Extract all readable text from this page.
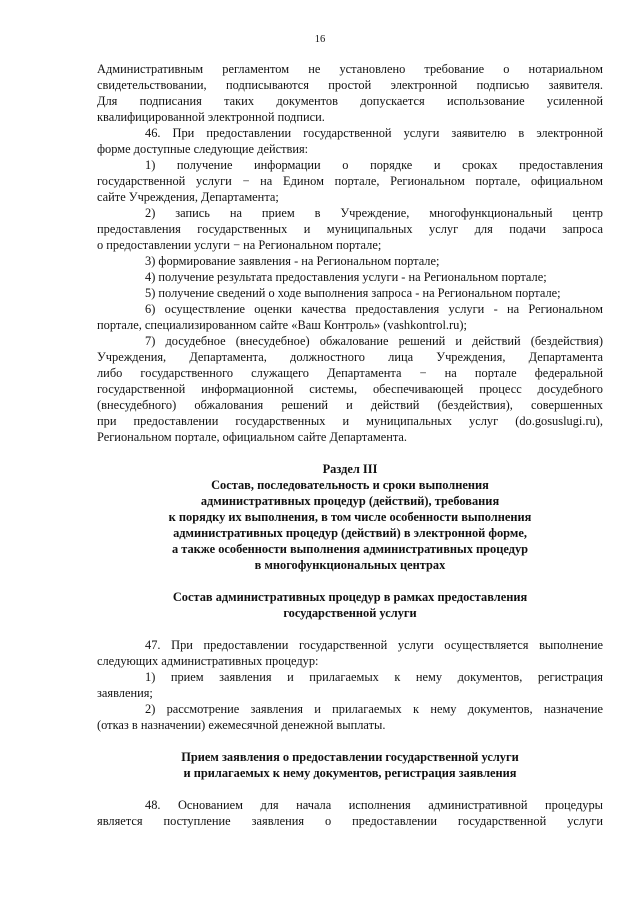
16
Административным регламентом не установлено требование о нотариальном
свидетельствовании, подписываются простой электронной подписью заявителя.
Для подписания таких документов допускается использование усиленной
квалифицированной электронной подписи.
46. При предоставлении государственной услуги заявителю в электронной
форме доступные следующие действия:
1) получение информации о порядке и сроках предоставления
государственной услуги − на Едином портале, Региональном портале, официальном
сайте Учреждения, Департамента;
2) запись на прием в Учреждение, многофункциональный центр
предоставления государственных и муниципальных услуг для подачи запроса
о предоставлении услуги − на Региональном портале;
3) формирование заявления - на Региональном портале;
4) получение результата предоставления услуги - на Региональном портале;
5) получение сведений о ходе выполнения запроса - на Региональном портале;
6) осуществление оценки качества предоставления услуги - на Региональном
портале, специализированном сайте «Ваш Контроль» (vashkontrol.ru);
7) досудебное (внесудебное) обжалование решений и действий (бездействия)
Учреждения, Департамента, должностного лица Учреждения, Департамента
либо государственного служащего Департамента − на портале федеральной
государственной информационной системы, обеспечивающей процесс досудебного
(внесудебного) обжалования решений и действий (бездействия), совершенных
при предоставлении государственных и муниципальных услуг (do.gosuslugi.ru),
Региональном портале, официальном сайте Департамента.
Раздел III
Состав, последовательность и сроки выполнения
административных процедур (действий), требования
к порядку их выполнения, в том числе особенности выполнения
административных процедур (действий) в электронной форме,
а также особенности выполнения административных процедур
в многофункциональных центрах
Состав административных процедур в рамках предоставления
государственной услуги
47. При предоставлении государственной услуги осуществляется выполнение
следующих административных процедур:
1) прием заявления и прилагаемых к нему документов, регистрация
заявления;
2) рассмотрение заявления и прилагаемых к нему документов, назначение
(отказ в назначении) ежемесячной денежной выплаты.
Прием заявления о предоставлении государственной услуги
и прилагаемых к нему документов, регистрация заявления
48. Основанием для начала исполнения административной процедуры
является поступление заявления о предоставлении государственной услуги
